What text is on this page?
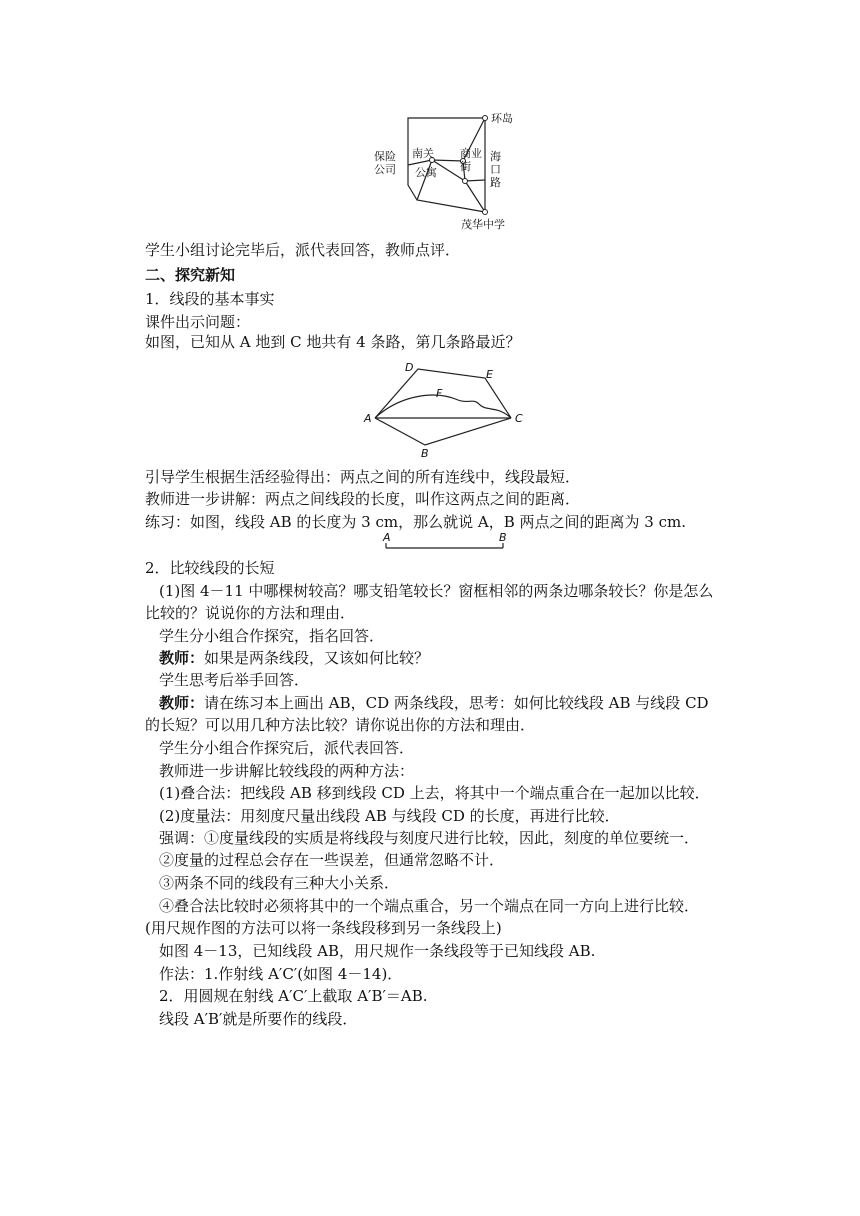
环岛
保险
公司
南关
公寓
商业
街
海
口
路
茂华中学
学生小组讨论完毕后，派代表回答，教师点评．
二、探究新知
1．线段的基本事实
课件出示问题：
如图，已知从 A 地到 C 地共有 4 条路，第几条路最近？
D
E
F
A	C
B
引导学生根据生活经验得出：两点之间的所有连线中，线段最短．
教师进一步讲解：两点之间线段的长度，叫作这两点之间的距离．
练习：如图，线段 AB 的长度为 3 cm，那么就说 A，B 两点之间的距离为 3 cm.
A	B
2．比较线段的长短
(1)图 4－11 中哪棵树较高？哪支铅笔较长？窗框相邻的两条边哪条较长？你是怎么比较的？说说你的方法和理由．
学生分小组合作探究，指名回答．
教师：如果是两条线段，又该如何比较？
学生思考后举手回答．
教师：请在练习本上画出 AB，CD 两条线段，思考：如何比较线段 AB 与线段 CD 的长短？可以用几种方法比较？请你说出你的方法和理由．
学生分小组合作探究后，派代表回答．
教师进一步讲解比较线段的两种方法：
(1)叠合法：把线段 AB 移到线段 CD 上去，将其中一个端点重合在一起加以比较．
(2)度量法：用刻度尺量出线段 AB 与线段 CD 的长度，再进行比较．
强调：①度量线段的实质是将线段与刻度尺进行比较，因此，刻度的单位要统一．
②度量的过程总会存在一些误差，但通常忽略不计．
③两条不同的线段有三种大小关系．
④叠合法比较时必须将其中的一个端点重合，另一个端点在同一方向上进行比较．(用尺规作图的方法可以将一条线段移到另一条线段上)
如图 4－13，已知线段 AB，用尺规作一条线段等于已知线段 AB.
作法：1.作射线 A′C′(如图 4－14)．
2．用圆规在射线 A′C′上截取 A′B′＝AB.
线段 A′B′就是所要作的线段．
